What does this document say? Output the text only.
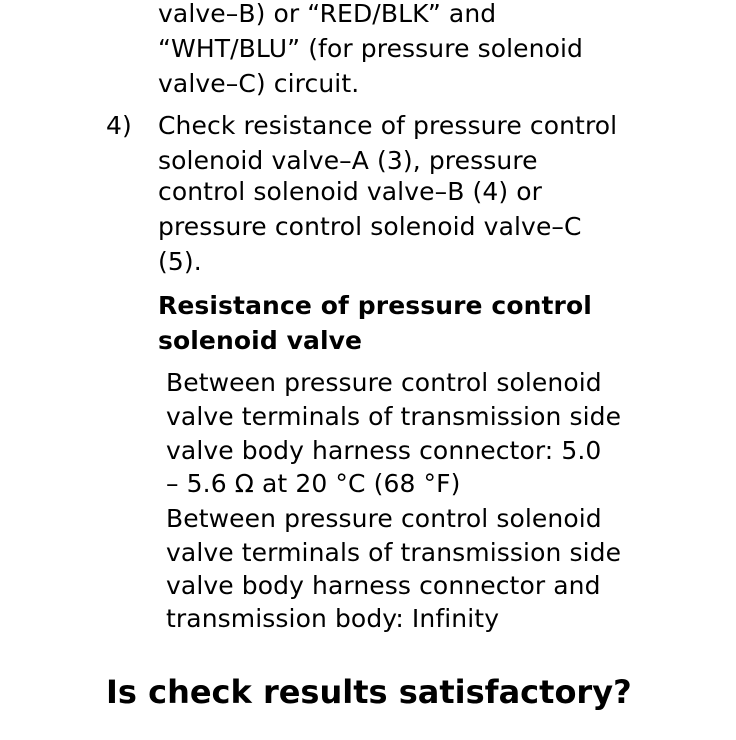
valve–B) or “RED/BLK” and
“WHT/BLU” (for pressure solenoid
valve–C) circuit.
4) Check resistance of pressure control
solenoid valve–A (3), pressure
control solenoid valve–B (4) or
pressure control solenoid valve–C
(5).
Resistance of pressure control
solenoid valve
Between pressure control solenoid
valve terminals of transmission side
valve body harness connector: 5.0
– 5.6 Ω at 20 °C (68 °F)
Between pressure control solenoid
valve terminals of transmission side
valve body harness connector and
transmission body: Infinity
Is check results satisfactory?
